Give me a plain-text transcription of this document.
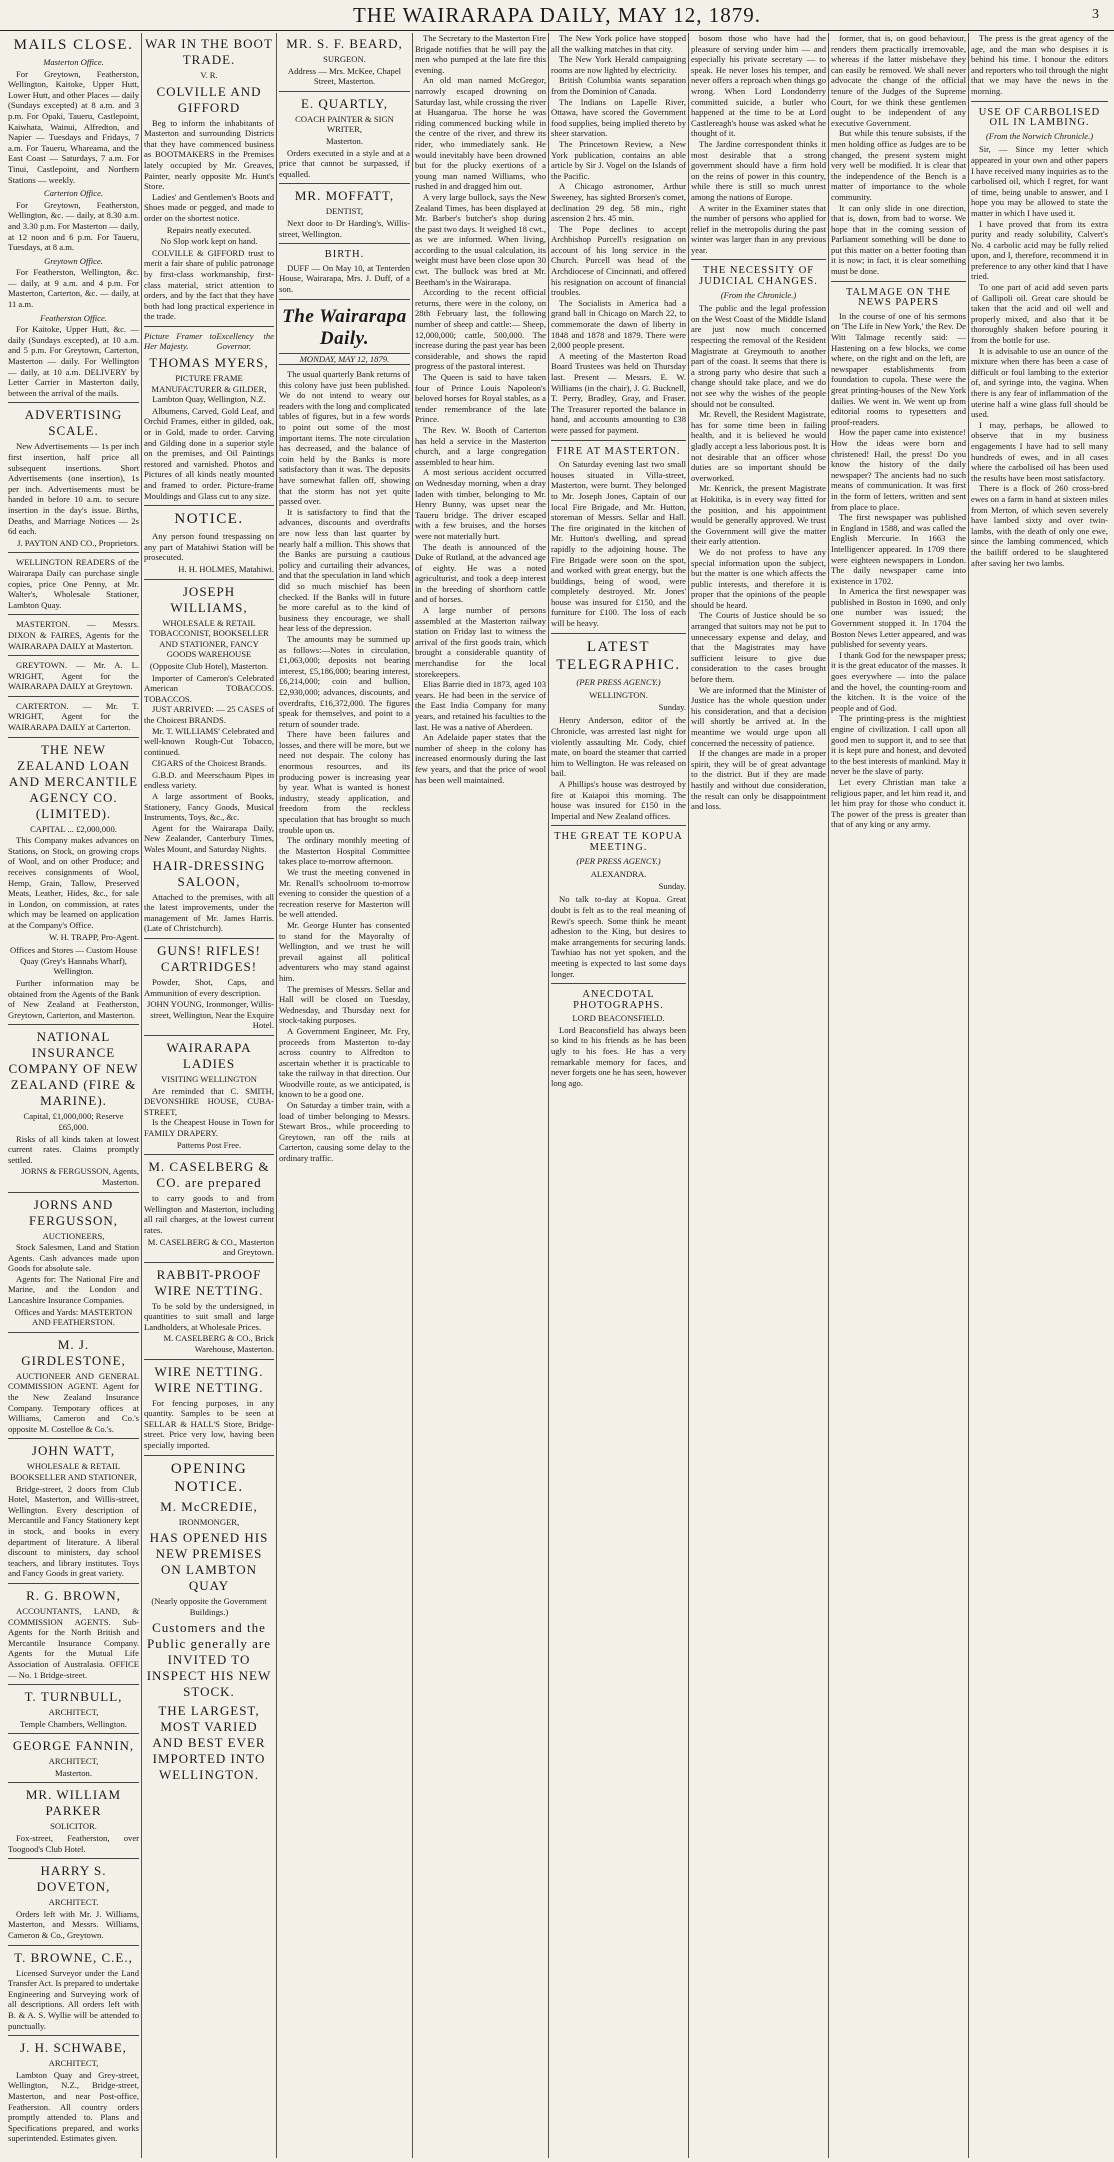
THE WAIRARAPA DAILY, MAY 12, 1879.	3
MAILS CLOSE.
Masterton Office.

For Greytown, Featherston, Wellington, Kaitoke, Upper Hutt, Lower Hutt, and other Places — daily (Sundays excepted) at 8 a.m. and 3 p.m. For Opaki, Taueru, Castlepoint, Kaiwhata, Wainui, Alfredton, and Napier — Tuesdays and Fridays, 7 a.m. For Taueru, Whareama, and the East Coast — Saturdays, 7 a.m. For Tinui, Castlepoint, and Northern Stations — weekly.

Carterton Office.

For Greytown, Featherston, Wellington, &c. — daily, at 8.30 a.m. and 3.30 p.m. For Masterton — daily, at 12 noon and 6 p.m. For Taueru, Tuesdays, at 8 a.m.

Greytown Office.

For Featherston, Wellington, &c. — daily, at 9 a.m. and 4 p.m. For Masterton, Carterton, &c. — daily, at 11 a.m.

Featherston Office.

For Kaitoke, Upper Hutt, &c. — daily (Sundays excepted), at 10 a.m. and 5 p.m. For Greytown, Carterton, Masterton — daily. For Wellington — daily, at 10 a.m. DELIVERY by Letter Carrier in Masterton daily, between the arrival of the mails.

ADVERTISING SCALE.

New Advertisements — 1s per inch first insertion, half price all subsequent insertions. Short Advertisements (one insertion), 1s per inch. Advertisements must be handed in before 10 a.m. to secure insertion in the day's issue. Births, Deaths, and Marriage Notices — 2s 6d each.

J. PAYTON AND CO., Proprietors.

WELLINGTON READERS of the Wairarapa Daily can purchase single copies, price One Penny, at Mr. Walter's, Wholesale Stationer, Lambton Quay.

MASTERTON. — Messrs. DIXON & FAIRES, Agents for the WAIRARAPA DAILY at Masterton.

GREYTOWN. — Mr. A. L. WRIGHT, Agent for the WAIRARAPA DAILY at Greytown.

CARTERTON. — Mr. T. WRIGHT, Agent for the WAIRARAPA DAILY at Carterton.

THE NEW ZEALAND LOAN AND MERCANTILE AGENCY CO. (LIMITED).
CAPITAL ... £2,000,000.

This Company makes advances on Stations, on Stock, on growing crops of Wool, and on other Produce; and receives consignments of Wool, Hemp, Grain, Tallow, Preserved Meats, Leather, Hides, &c., for sale in London, on commission, at rates which may be learned on application at the Company's Office.

W. H. TRAPP, Pro-Agent.
Offices and Stores — Custom House Quay (Grey's Hannahs Wharf), Wellington.

Further information may be obtained from the Agents of the Bank of New Zealand at Featherston, Greytown, Carterton, and Masterton.

NATIONAL INSURANCE COMPANY OF NEW ZEALAND (FIRE & MARINE).
Capital, £1,000,000; Reserve £65,000.

Risks of all kinds taken at lowest current rates. Claims promptly settled.

JORNS & FERGUSSON, Agents, Masterton.
JORNS AND FERGUSSON,
AUCTIONEERS,

Stock Salesmen, Land and Station Agents. Cash advances made upon Goods for absolute sale.

Agents for: The National Fire and Marine, and the London and Lancashire Insurance Companies.

Offices and Yards: MASTERTON AND FEATHERSTON.
M. J. GIRDLESTONE,

AUCTIONEER AND GENERAL COMMISSION AGENT. Agent for the New Zealand Insurance Company. Temporary offices at Williams, Cameron and Co.'s opposite M. Costelloe & Co.'s.

JOHN WATT,
WHOLESALE & RETAIL BOOKSELLER AND STATIONER,

Bridge-street, 2 doors from Club Hotel, Masterton, and Willis-street, Wellington. Every description of Mercantile and Fancy Stationery kept in stock, and books in every department of literature. A liberal discount to ministers, day school teachers, and library institutes. Toys and Fancy Goods in great variety.

R. G. BROWN,

ACCOUNTANTS, LAND, & COMMISSION AGENTS. Sub-Agents for the North British and Mercantile Insurance Company. Agents for the Mutual Life Association of Australasia. OFFICE — No. 1 Bridge-street.

T. TURNBULL,
ARCHITECT,
Temple Chambers, Wellington.
GEORGE FANNIN,
ARCHITECT,
Masterton.
MR. WILLIAM PARKER
SOLICITOR.

Fox-street, Featherston, over Toogood's Club Hotel.

HARRY S. DOVETON,
ARCHITECT.

Orders left with Mr. J. Williams, Masterton, and Messrs. Williams, Cameron & Co., Greytown.

T. BROWNE, C.E.,

Licensed Surveyor under the Land Transfer Act. Is prepared to undertake Engineering and Surveying work of all descriptions. All orders left with B. & A. S. Wyllie will be attended to punctually.

J. H. SCHWABE,
ARCHITECT,

Lambton Quay and Grey-street, Wellington, N.Z., Bridge-street, Masterton, and near Post-office, Featherston. All country orders promptly attended to. Plans and Specifications prepared, and works superintended. Estimates given.

WAR IN THE BOOT TRADE.
V. R.
COLVILLE AND GIFFORD

Beg to inform the inhabitants of Masterton and surrounding Districts that they have commenced business as BOOTMAKERS in the Premises lately occupied by Mr. Greaves, Painter, nearly opposite Mr. Hunt's Store.

Ladies' and Gentlemen's Boots and Shoes made or pegged, and made to order on the shortest notice.

Repairs neatly executed.
No Slop work kept on hand.

COLVILLE & GIFFORD trust to merit a fair share of public patronage by first-class workmanship, first-class material, strict attention to orders, and by the fact that they have both had long practical experience in the trade.

Picture Framer to Her Majesty.
Excellency the Governor.
THOMAS MYERS,
PICTURE FRAME MANUFACTURER & GILDER, Lambton Quay, Wellington, N.Z.

Albumens, Carved, Gold Leaf, and Orchid Frames, either in gilded, oak, or in Gold, made to order. Carving and Gilding done in a superior style on the premises, and Oil Paintings restored and varnished. Photos and Pictures of all kinds neatly mounted and framed to order. Picture-frame Mouldings and Glass cut to any size.

NOTICE.

Any person found trespassing on any part of Matahiwi Station will be prosecuted.

H. H. HOLMES, Matahiwi.
JOSEPH WILLIAMS,
WHOLESALE & RETAIL TOBACCONIST, BOOKSELLER AND STATIONER, FANCY GOODS WAREHOUSE
(Opposite Club Hotel), Masterton.

Importer of Cameron's Celebrated American TOBACCOS. TOBACCOS.

JUST ARRIVED: — 25 CASES of the Choicest BRANDS.

Mr. T. WILLIAMS' Celebrated and well-known Rough-Cut Tobacco, continued.

CIGARS of the Choicest Brands.

G.B.D. and Meerschaum Pipes in endless variety.

A large assortment of Books, Stationery, Fancy Goods, Musical Instruments, Toys, &c., &c.

Agent for the Wairarapa Daily, New Zealander, Canterbury Times, Wales Mount, and Saturday Nights.

HAIR-DRESSING SALOON,

Attached to the premises, with all the latest improvements, under the management of Mr. James Harris. (Late of Christchurch).

GUNS! RIFLES! CARTRIDGES!

Powder, Shot, Caps, and Ammunition of every description.

JOHN YOUNG, Ironmonger, Willis-street, Wellington, Near the Exquire Hotel.
WAIRARAPA LADIES
VISITING WELLINGTON

Are reminded that C. SMITH, DEVONSHIRE HOUSE, CUBA-STREET,

Is the Cheapest House in Town for FAMILY DRAPERY.

Patterns Post Free.
M. CASELBERG & CO. are prepared

to carry goods to and from Wellington and Masterton, including all rail charges, at the lowest current rates.

M. CASELBERG & CO., Masterton and Greytown.
RABBIT-PROOF WIRE NETTING.

To be sold by the undersigned, in quantities to suit small and large Landholders, at Wholesale Prices.

M. CASELBERG & CO., Brick Warehouse, Masterton.
WIRE NETTING. WIRE NETTING.

For fencing purposes, in any quantity. Samples to be seen at SELLAR & HALL'S Store, Bridge-street. Price very low, having been specially imported.

OPENING NOTICE.
M. McCREDIE,
IRONMONGER,
HAS OPENED HIS NEW PREMISES ON LAMBTON QUAY
(Nearly opposite the Government Buildings.)
Customers and the Public generally are INVITED TO INSPECT HIS NEW STOCK.
THE LARGEST, MOST VARIED AND BEST EVER IMPORTED INTO WELLINGTON.
MR. S. F. BEARD,
SURGEON.
Address — Mrs. McKee, Chapel Street, Masterton.
E. QUARTLY,
COACH PAINTER & SIGN WRITER,
Masterton.

Orders executed in a style and at a price that cannot be surpassed, if equalled.

MR. MOFFATT,
DENTIST,

Next door to Dr Harding's, Willis-street, Wellington.

BIRTH.

DUFF — On May 10, at Tenterden House, Wairarapa, Mrs. J. Duff, of a son.

The Wairarapa Daily.
MONDAY, MAY 12, 1879.

The usual quarterly Bank returns of this colony have just been published. We do not intend to weary our readers with the long and complicated tables of figures, but in a few words to point out some of the most important items. The note circulation has decreased, and the balance of coin held by the Banks is more satisfactory than it was. The deposits have somewhat fallen off, showing that the storm has not yet quite passed over.

It is satisfactory to find that the advances, discounts and overdrafts are now less than last quarter by nearly half a million. This shows that the Banks are pursuing a cautious policy and curtailing their advances, and that the speculation in land which did so much mischief has been checked. If the Banks will in future be more careful as to the kind of business they encourage, we shall hear less of the depression.

The amounts may be summed up as follows:—Notes in circulation, £1,063,000; deposits not bearing interest, £5,186,000; bearing interest, £6,214,000; coin and bullion, £2,930,000; advances, discounts, and overdrafts, £16,372,000. The figures speak for themselves, and point to a return of sounder trade.

There have been failures and losses, and there will be more, but we need not despair. The colony has enormous resources, and its producing power is increasing year by year. What is wanted is honest industry, steady application, and freedom from the reckless speculation that has brought so much trouble upon us.

The ordinary monthly meeting of the Masterton Hospital Committee takes place to-morrow afternoon.

We trust the meeting convened in Mr. Renall's schoolroom to-morrow evening to consider the question of a recreation reserve for Masterton will be well attended.

Mr. George Hunter has consented to stand for the Mayoralty of Wellington, and we trust he will prevail against all political adventurers who may stand against him.

The premises of Messrs. Sellar and Hall will be closed on Tuesday, Wednesday, and Thursday next for stock-taking purposes.

A Government Engineer, Mr. Fry, proceeds from Masterton to-day across country to Alfredton to ascertain whether it is practicable to take the railway in that direction. Our Woodville route, as we anticipated, is known to be a good one.

On Saturday a timber train, with a load of timber belonging to Messrs. Stewart Bros., while proceeding to Greytown, ran off the rails at Carterton, causing some delay to the ordinary traffic.

The Secretary to the Masterton Fire Brigade notifies that he will pay the men who pumped at the late fire this evening.

An old man named McGregor, narrowly escaped drowning on Saturday last, while crossing the river at Huangarua. The horse he was riding commenced bucking while in the centre of the river, and threw its rider, who immediately sank. He would inevitably have been drowned but for the plucky exertions of a young man named Williams, who rushed in and dragged him out.

A very large bullock, says the New Zealand Times, has been displayed at Mr. Barber's butcher's shop during the past two days. It weighed 18 cwt., as we are informed. When living, according to the usual calculation, its weight must have been close upon 30 cwt. The bullock was bred at Mr. Beetham's in the Wairarapa.

According to the recent official returns, there were in the colony, on 28th February last, the following number of sheep and cattle:— Sheep, 12,000,000; cattle, 500,000. The increase during the past year has been considerable, and shows the rapid progress of the pastoral interest.

The Queen is said to have taken four of Prince Louis Napoleon's beloved horses for Royal stables, as a tender remembrance of the late Prince.

The Rev. W. Booth of Carterton has held a service in the Masterton church, and a large congregation assembled to hear him.

A most serious accident occurred on Wednesday morning, when a dray laden with timber, belonging to Mr. Henry Bunny, was upset near the Taueru bridge. The driver escaped with a few bruises, and the horses were not materially hurt.

The death is announced of the Duke of Rutland, at the advanced age of eighty. He was a noted agriculturist, and took a deep interest in the breeding of shorthorn cattle and of horses.

A large number of persons assembled at the Masterton railway station on Friday last to witness the arrival of the first goods train, which brought a considerable quantity of merchandise for the local storekeepers.

Elias Barrie died in 1873, aged 103 years. He had been in the service of the East India Company for many years, and retained his faculties to the last. He was a native of Aberdeen.

An Adelaide paper states that the number of sheep in the colony has increased enormously during the last few years, and that the price of wool has been well maintained.

The New York police have stopped all the walking matches in that city.

The New York Herald campaigning rooms are now lighted by electricity.

British Columbia wants separation from the Dominion of Canada.

The Indians on Lapelle River, Ottawa, have scored the Government food supplies, being implied thereto by sheer starvation.

The Princetown Review, a New York publication, contains an able article by Sir J. Vogel on the Islands of the Pacific.

A Chicago astronomer, Arthur Sweeney, has sighted Brorsen's comet, declination 29 deg. 58 min., right ascension 2 hrs. 45 min.

The Pope declines to accept Archbishop Purcell's resignation on account of his long service in the Church. Purcell was head of the Archdiocese of Cincinnati, and offered his resignation on account of financial troubles.

The Socialists in America had a grand ball in Chicago on March 22, to commemorate the dawn of liberty in 1848 and 1878 and 1879. There were 2,000 people present.

A meeting of the Masterton Road Board Trustees was held on Thursday last. Present — Messrs. E. W. Williams (in the chair), J. G. Bucknell, T. Perry, Bradley, Gray, and Fraser. The Treasurer reported the balance in hand, and accounts amounting to £38 were passed for payment.

FIRE AT MASTERTON.

On Saturday evening last two small houses situated in Villa-street, Masterton, were burnt. They belonged to Mr. Joseph Jones, Captain of our local Fire Brigade, and Mr. Hutton, storeman of Messrs. Sellar and Hall. The fire originated in the kitchen of Mr. Hutton's dwelling, and spread rapidly to the adjoining house. The Fire Brigade were soon on the spot, and worked with great energy, but the buildings, being of wood, were completely destroyed. Mr. Jones' house was insured for £150, and the furniture for £100. The loss of each will be heavy.

LATEST TELEGRAPHIC.
(PER PRESS AGENCY.)
WELLINGTON.
Sunday.

Henry Anderson, editor of the Chronicle, was arrested last night for violently assaulting Mr. Cody, chief mate, on board the steamer that carried him to Wellington. He was released on bail.

A Phillips's house was destroyed by fire at Kaiapoi this morning. The house was insured for £150 in the Imperial and New Zealand offices.

THE GREAT TE KOPUA MEETING.
(PER PRESS AGENCY.)
ALEXANDRA.
Sunday.

No talk to-day at Kopua. Great doubt is felt as to the real meaning of Rewi's speech. Some think he meant adhesion to the King, but desires to make arrangements for securing lands. Tawhiao has not yet spoken, and the meeting is expected to last some days longer.

ANECDOTAL PHOTOGRAPHS.
LORD BEACONSFIELD.

Lord Beaconsfield has always been so kind to his friends as he has been ugly to his foes. He has a very remarkable memory for faces, and never forgets one he has seen, however long ago.

bosom those who have had the pleasure of serving under him — and especially his private secretary — to speak. He never loses his temper, and never offers a reproach when things go wrong. When Lord Londonderry committed suicide, a butler who happened at the time to be at Lord Castlereagh's house was asked what he thought of it.

The Jardine correspondent thinks it most desirable that a strong government should have a firm hold on the reins of power in this country, while there is still so much unrest among the nations of Europe.

A writer in the Examiner states that the number of persons who applied for relief in the metropolis during the past winter was larger than in any previous year.

THE NECESSITY OF JUDICIAL CHANGES.
(From the Chronicle.)

The public and the legal profession on the West Coast of the Middle Island are just now much concerned respecting the removal of the Resident Magistrate at Greymouth to another part of the coast. It seems that there is a strong party who desire that such a change should take place, and we do not see why the wishes of the people should not be consulted.

Mr. Revell, the Resident Magistrate, has for some time been in failing health, and it is believed he would gladly accept a less laborious post. It is not desirable that an officer whose duties are so important should be overworked.

Mr. Kenrick, the present Magistrate at Hokitika, is in every way fitted for the position, and his appointment would be generally approved. We trust the Government will give the matter their early attention.

We do not profess to have any special information upon the subject, but the matter is one which affects the public interests, and therefore it is proper that the opinions of the people should be heard.

The Courts of Justice should be so arranged that suitors may not be put to unnecessary expense and delay, and that the Magistrates may have sufficient leisure to give due consideration to the cases brought before them.

We are informed that the Minister of Justice has the whole question under his consideration, and that a decision will shortly be arrived at. In the meantime we would urge upon all concerned the necessity of patience.

If the changes are made in a proper spirit, they will be of great advantage to the district. But if they are made hastily and without due consideration, the result can only be disappointment and loss.

former, that is, on good behaviour, renders them practically irremovable, whereas if the latter misbehave they can easily be removed. We shall never advocate the change of the official tenure of the Judges of the Supreme Court, for we think these gentlemen ought to be independent of any executive Government.

But while this tenure subsists, if the men holding office as Judges are to be changed, the present system might very well be modified. It is clear that the independence of the Bench is a matter of importance to the whole community.

It can only slide in one direction, that is, down, from bad to worse. We hope that in the coming session of Parliament something will be done to put this matter on a better footing than it is now; in fact, it is clear something must be done.

TALMAGE ON THE NEWS PAPERS

In the course of one of his sermons on 'The Life in New York,' the Rev. De Witt Talmage recently said: — Hastening on a few blocks, we come where, on the right and on the left, are newspaper establishments from foundation to cupola. These were the great printing-houses of the New York dailies. We went in. We went up from editorial rooms to typesetters and proof-readers.

How the paper came into existence! How the ideas were born and christened! Hail, the press! Do you know the history of the daily newspaper? The ancients had no such means of communication. It was first in the form of letters, written and sent from place to place.

The first newspaper was published in England in 1588, and was called the English Mercurie. In 1663 the Intelligencer appeared. In 1709 there were eighteen newspapers in London. The daily newspaper came into existence in 1702.

In America the first newspaper was published in Boston in 1690, and only one number was issued; the Government stopped it. In 1704 the Boston News Letter appeared, and was published for seventy years.

I thank God for the newspaper press; it is the great educator of the masses. It goes everywhere — into the palace and the hovel, the counting-room and the kitchen. It is the voice of the people and of God.

The printing-press is the mightiest engine of civilization. I call upon all good men to support it, and to see that it is kept pure and honest, and devoted to the best interests of mankind. May it never be the slave of party.

Let every Christian man take a religious paper, and let him read it, and let him pray for those who conduct it. The power of the press is greater than that of any king or any army.

The press is the great agency of the age, and the man who despises it is behind his time. I honour the editors and reporters who toil through the night that we may have the news in the morning.

USE OF CARBOLISED OIL IN LAMBING.
(From the Norwich Chronicle.)

Sir, — Since my letter which appeared in your own and other papers I have received many inquiries as to the carbolised oil, which I regret, for want of time, being unable to answer, and I hope you may be allowed to state the matter in which I have used it.

I have proved that from its extra purity and ready solubility, Calvert's No. 4 carbolic acid may be fully relied upon, and I, therefore, recommend it in preference to any other kind that I have tried.

To one part of acid add seven parts of Gallipoli oil. Great care should be taken that the acid and oil well and properly mixed, and also that it be thoroughly shaken before pouring it from the bottle for use.

It is advisable to use an ounce of the mixture when there has been a case of difficult or foul lambing to the exterior of, and syringe into, the vagina. When there is any fear of inflammation of the uterine half a wine glass full should be used.

I may, perhaps, be allowed to observe that in my business engagements I have had to sell many hundreds of ewes, and in all cases where the carbolised oil has been used the results have been most satisfactory.

There is a flock of 260 cross-bred ewes on a farm in hand at sixteen miles from Merton, of which seven severely have lambed sixty and over twin-lambs, with the death of only one ewe, since the lambing commenced, which the bailiff ordered to be slaughtered after saving her two lambs.
